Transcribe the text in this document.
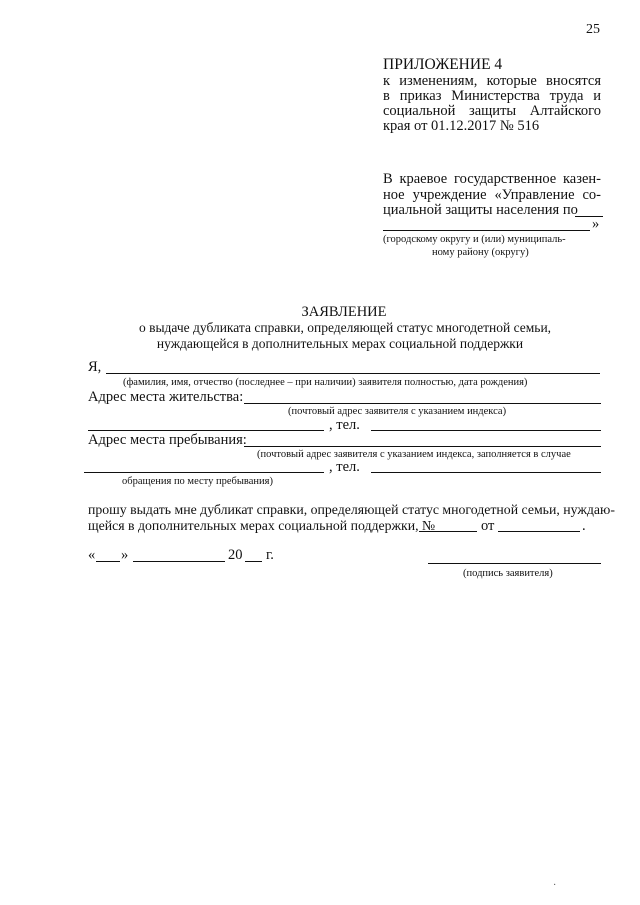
25
ПРИЛОЖЕНИЕ 4
к изменениям, которые вносятся
в приказ Министерства труда и
социальной защиты Алтайского
края от 01.12.2017 № 516
В краевое государственное казен-
ное учреждение «Управление со-
циальной защиты населения по
»
(городскому округу и (или) муниципаль-
ному району (округу)
ЗАЯВЛЕНИЕ
о выдаче дубликата справки, определяющей статус многодетной семьи,
нуждающейся в дополнительных мерах социальной поддержки
Я,
(фамилия, имя, отчество (последнее – при наличии) заявителя полностью, дата рождения)
Адрес места жительства:
(почтовый адрес заявителя с указанием индекса)
, тел.
Адрес места пребывания:
(почтовый адрес заявителя с указанием индекса, заполняется в случае
, тел.
обращения по месту пребывания)
прошу выдать мне дубликат справки, определяющей статус многодетной семьи, нуждаю-
щейся в дополнительных мерах социальной поддержки, №	от	.
« »	20 г.
(подпись заявителя)
·
